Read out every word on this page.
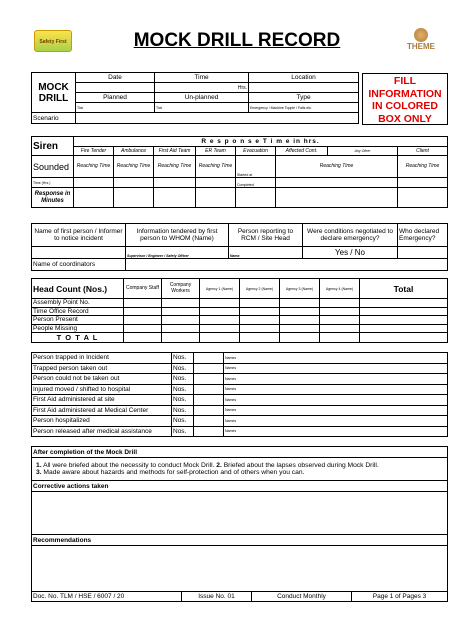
Safety First	MOCK DRILL RECORD	THEME
MOCK DRILL	Date	Time	Location
		Hrs.	
	Planned	Un-planned	Type
	Tick	Tick	Emergency / Machine Topple / Falls etc.
Scenario			
FILL INFORMATION IN COLORED BOX ONLY
Siren	R e s p o n s e T i m e in hrs.							
	Fire Tender	Ambulance	First Aid Team	ER Team	Evacuation	Affected Cont.	Any Other	Client
Sounded	Reaching Time	Reaching Time	Reaching Time	Reaching Time	Started at	Reaching Time		Reaching Time
Time (Hrs.)					Completed			
Response in Minutes								
Name of first person / Informer to notice incident	Information tendered by first person to WHOM (Name)	Person reporting to RCM / Site Head	Were conditions negotiated to declare emergency?	Who declared Emergency?
	Supervisor / Engineer / Safety Officer	Name	Yes / No	
Name of coordinators				
Head Count (Nos.)	Company Staff	Company Workers	Agency 1 (Name)	Agency 2 (Name)	Agency 3 (Name)	Agency 4 (Name)	Total
Assembly Point No.							
Time Office Record							
Person Present							
People Missing							
T O T A L							
Person trapped in Incident	Nos.		Names
Trapped person taken out	Nos.		Names
Person could not be taken out	Nos.		Names
Injured moved / shifted to hospital	Nos.		Names
First Aid administered at site	Nos.		Names
First Aid administered at Medical Center	Nos.		Names
Person hospitalized	Nos.		Names
Person released after medical assistance	Nos.		Names
After completion of the Mock Drill
1. All were briefed about the necessity to conduct Mock Drill. 2. Briefed about the lapses observed during Mock Drill.
3. Made aware about hazards and methods for self-protection and of others when you can.
Corrective actions taken

Recommendations

Doc. No. TLM / HSE / 6007 / 20	Issue No. 01	Conduct Monthly	Page 1 of Pages 3
